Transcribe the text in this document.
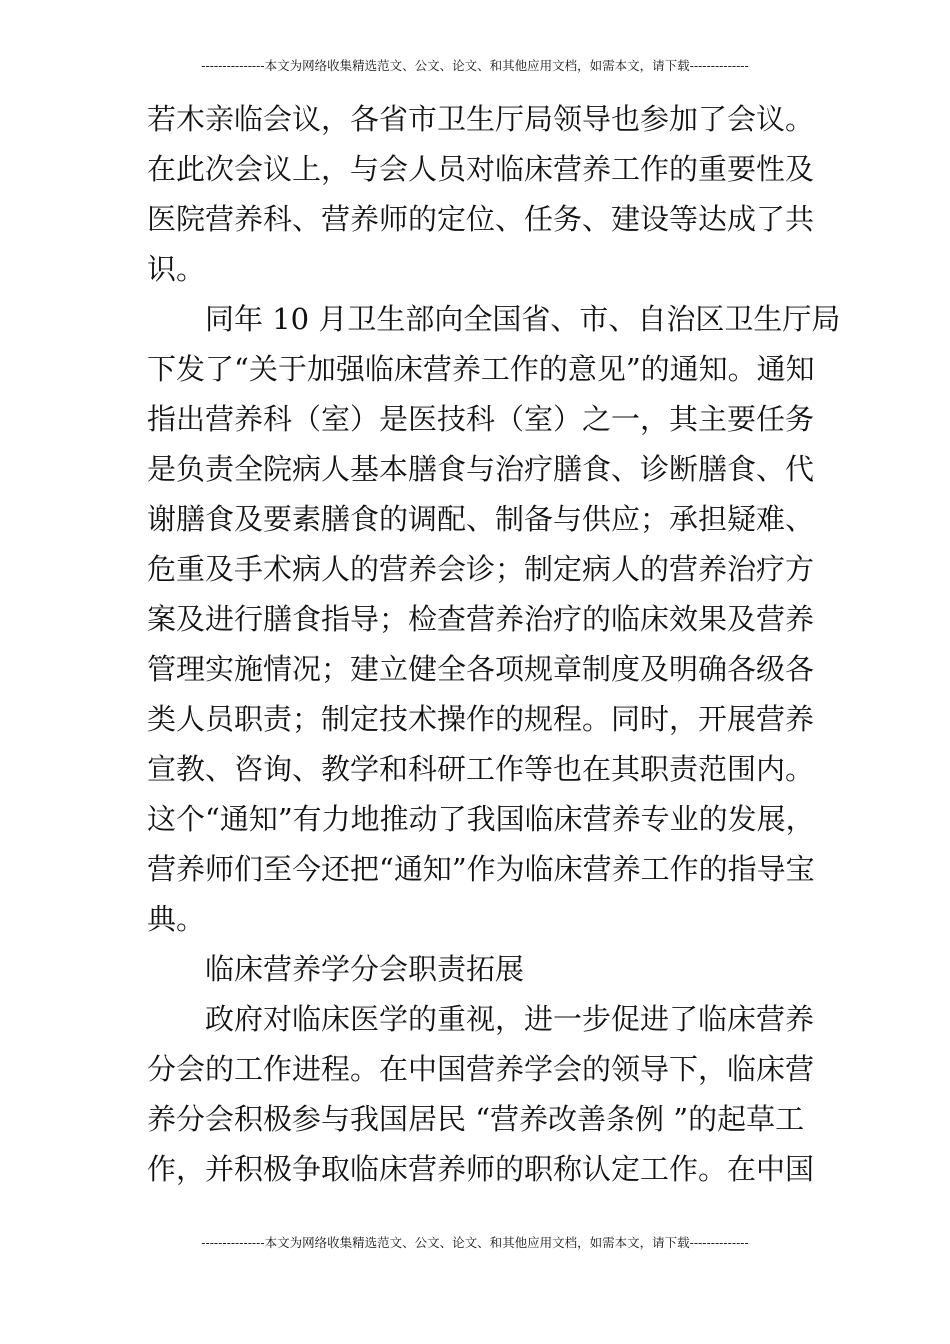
---------------本文为网络收集精选范文、公文、论文、和其他应用文档，如需本文，请下载--------------
若木亲临会议，各省市卫生厅局领导也参加了会议。
在此次会议上，与会人员对临床营养工作的重要性及
医院营养科、营养师的定位、任务、建设等达成了共
识。
同年 10 月卫生部向全国省、市、自治区卫生厅局
下发了“关于加强临床营养工作的意见”的通知。通知
指出营养科（室）是医技科（室）之一，其主要任务
是负责全院病人基本膳食与治疗膳食、诊断膳食、代
谢膳食及要素膳食的调配、制备与供应；承担疑难、
危重及手术病人的营养会诊；制定病人的营养治疗方
案及进行膳食指导；检查营养治疗的临床效果及营养
管理实施情况；建立健全各项规章制度及明确各级各
类人员职责；制定技术操作的规程。同时，开展营养
宣教、咨询、教学和科研工作等也在其职责范围内。
这个“通知”有力地推动了我国临床营养专业的发展，
营养师们至今还把“通知”作为临床营养工作的指导宝
典。
临床营养学分会职责拓展
政府对临床医学的重视，进一步促进了临床营养
分会的工作进程。在中国营养学会的领导下，临床营
养分会积极参与我国居民 “营养改善条例 ”的起草工
作，并积极争取临床营养师的职称认定工作。在中国
---------------本文为网络收集精选范文、公文、论文、和其他应用文档，如需本文，请下载--------------
